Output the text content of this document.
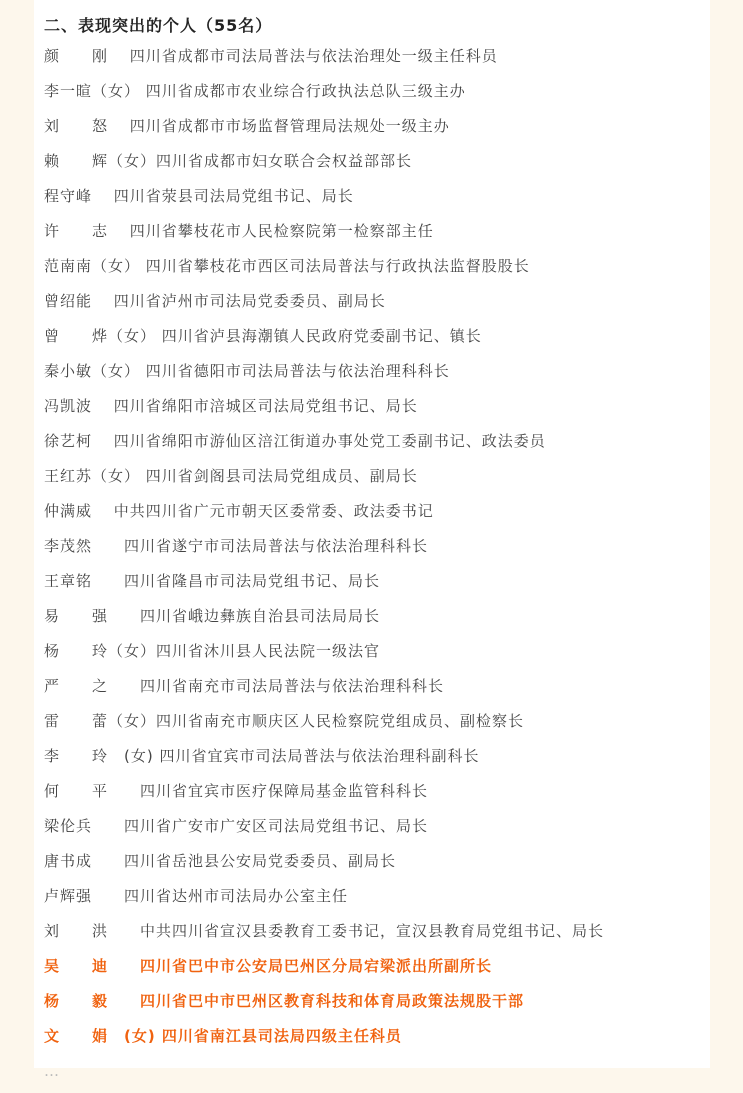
二、表现突出的个人（55名）
颜　　刚　 四川省成都市司法局普法与依法治理处一级主任科员
李一暄（女） 四川省成都市农业综合行政执法总队三级主办
刘　　怒　 四川省成都市市场监督管理局法规处一级主办
赖　　辉（女）四川省成都市妇女联合会权益部部长
程守峰　 四川省荥县司法局党组书记、局长
许　　志　 四川省攀枝花市人民检察院第一检察部主任
范南南（女） 四川省攀枝花市西区司法局普法与行政执法监督股股长
曾绍能　 四川省泸州市司法局党委委员、副局长
曾　　烨（女） 四川省泸县海潮镇人民政府党委副书记、镇长
秦小敏（女） 四川省德阳市司法局普法与依法治理科科长
冯凯波　 四川省绵阳市涪城区司法局党组书记、局长
徐艺柯　 四川省绵阳市游仙区涪江街道办事处党工委副书记、政法委员
王红苏（女） 四川省剑阁县司法局党组成员、副局长
仲满威　 中共四川省广元市朝天区委常委、政法委书记
李茂然　　四川省遂宁市司法局普法与依法治理科科长
王章铭　　四川省隆昌市司法局党组书记、局长
易　　强　　四川省峨边彝族自治县司法局局长
杨　　玲（女）四川省沐川县人民法院一级法官
严　　之　　四川省南充市司法局普法与依法治理科科长
雷　　蕾（女）四川省南充市顺庆区人民检察院党组成员、副检察长
李　　玲　(女) 四川省宜宾市司法局普法与依法治理科副科长
何　　平　　四川省宜宾市医疗保障局基金监管科科长
梁伦兵　　四川省广安市广安区司法局党组书记、局长
唐书成　　四川省岳池县公安局党委委员、副局长
卢辉强　　四川省达州市司法局办公室主任
刘　　洪　　中共四川省宣汉县委教育工委书记，宣汉县教育局党组书记、局长
吴　　迪　　四川省巴中市公安局巴州区分局宕梁派出所副所长
杨　　毅　　四川省巴中市巴州区教育科技和体育局政策法规股干部
文　　娟　(女) 四川省南江县司法局四级主任科员
…
